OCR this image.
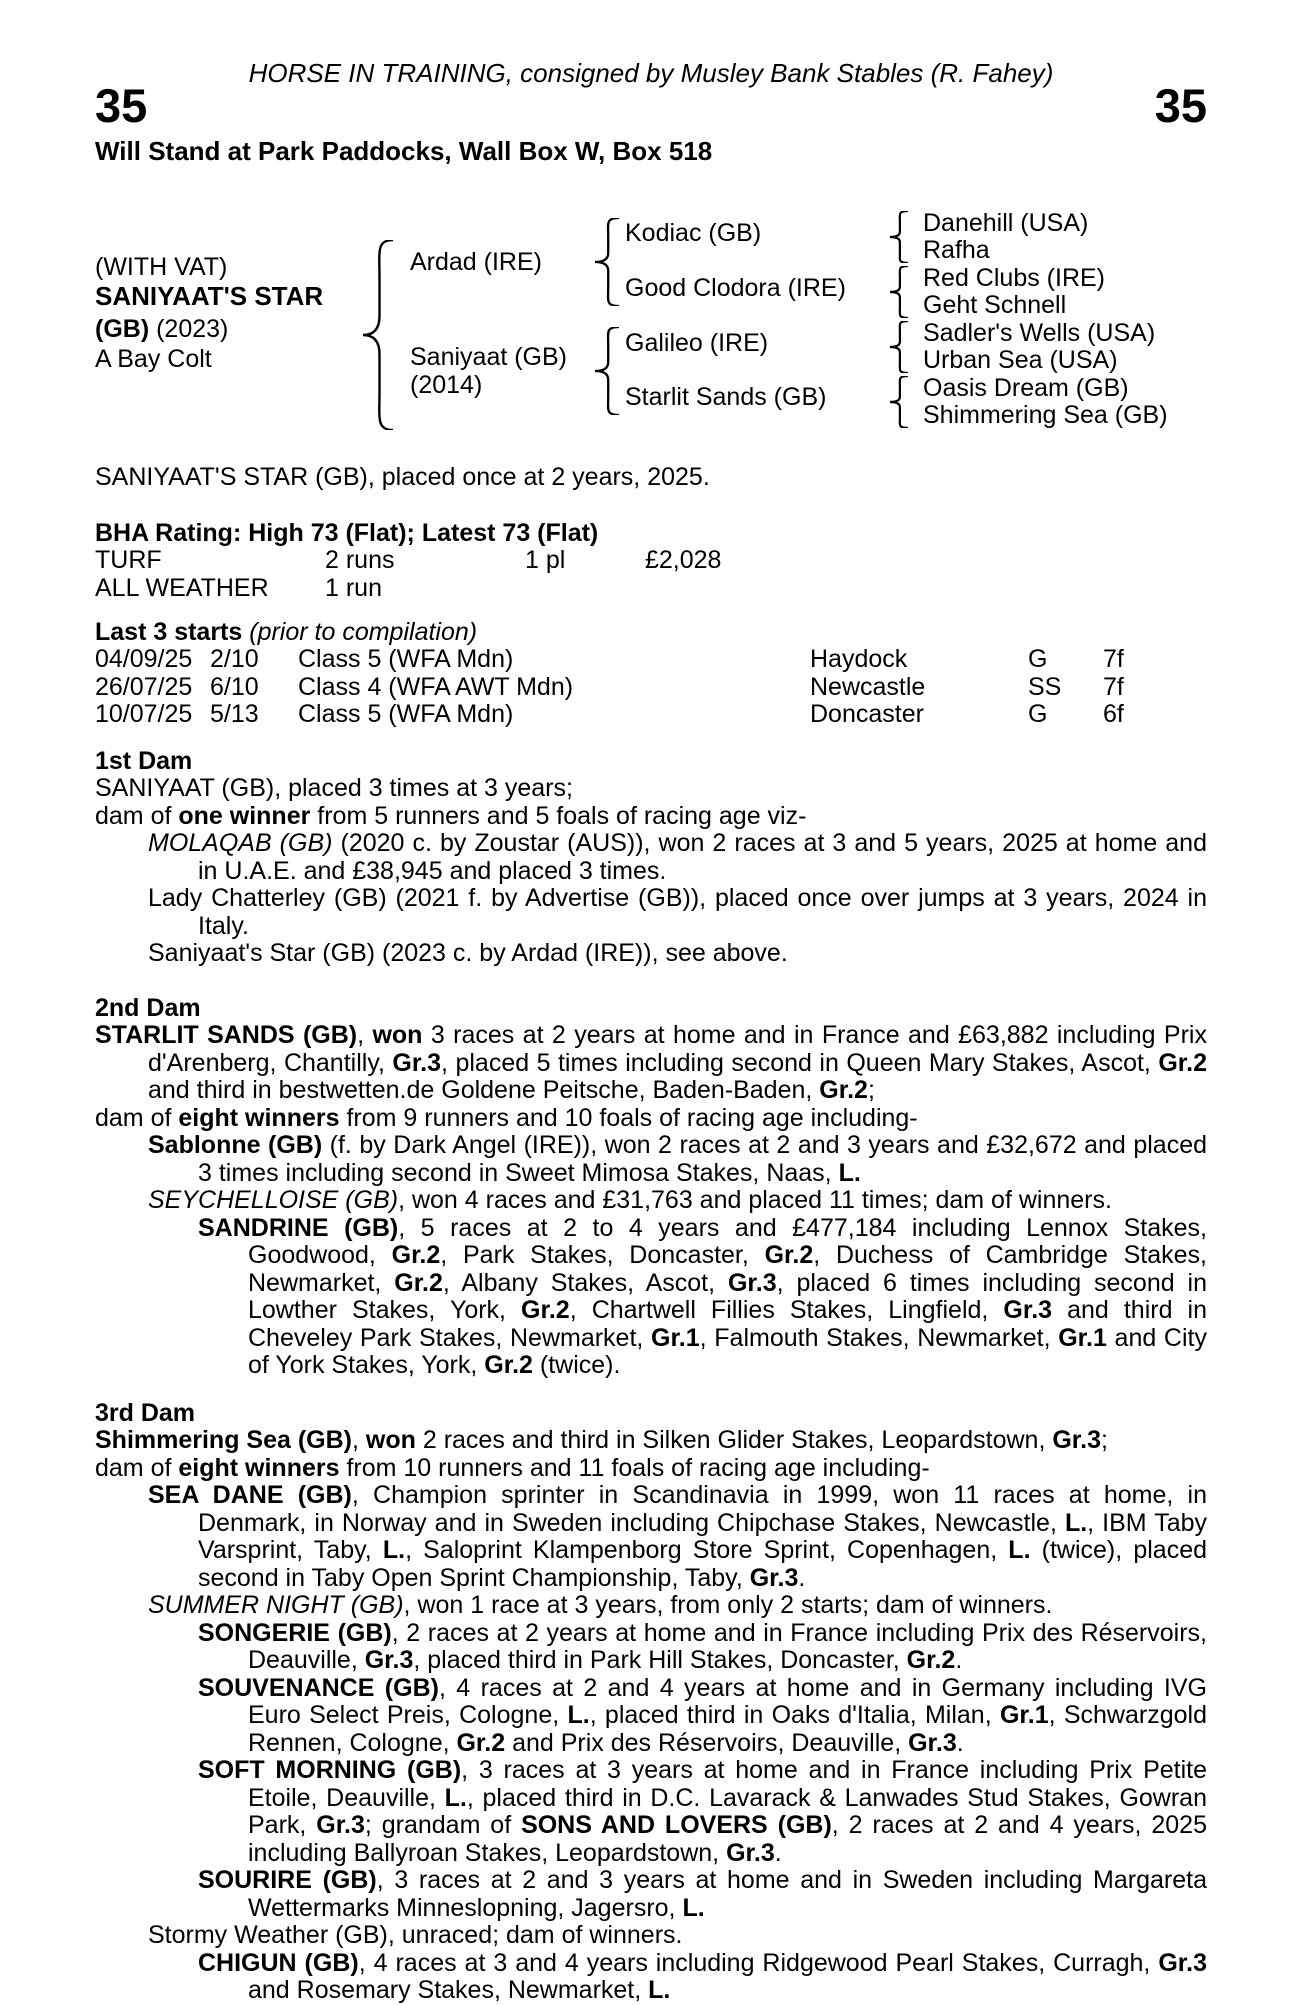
HORSE IN TRAINING, consigned by Musley Bank Stables (R. Fahey)
35	35
Will Stand at Park Paddocks, Wall Box W, Box 518
(WITH VAT)
SANIYAAT'S STAR
(GB) (2023)
A Bay Colt
Ardad (IRE)
Saniyaat (GB)
(2014)
Kodiac (GB)
Good Clodora (IRE)
Galileo (IRE)
Starlit Sands (GB)
Danehill (USA)
Rafha
Red Clubs (IRE)
Geht Schnell
Sadler's Wells (USA)
Urban Sea (USA)
Oasis Dream (GB)
Shimmering Sea (GB)
SANIYAAT'S STAR (GB), placed once at 2 years, 2025.
BHA Rating: High 73 (Flat); Latest 73 (Flat)
TURF	2 runs	1 pl	£2,028
ALL WEATHER 1 run
Last 3 starts (prior to compilation)
04/09/25 2/10 Class 5 (WFA Mdn)	Haydock	G 7f
26/07/25 6/10 Class 4 (WFA AWT Mdn)	Newcastle	SS 7f
10/07/25 5/13 Class 5 (WFA Mdn)	Doncaster	G 6f
1st Dam

SANIYAAT (GB), placed 3 times at 3 years;

dam of one winner from 5 runners and 5 foals of racing age viz-

MOLAQAB (GB) (2020 c. by Zoustar (AUS)), won 2 races at 3 and 5 years, 2025 at home and in U.A.E. and £38,945 and placed 3 times.

Lady Chatterley (GB) (2021 f. by Advertise (GB)), placed once over jumps at 3 years, 2024 in Italy.

Saniyaat's Star (GB) (2023 c. by Ardad (IRE)), see above.

2nd Dam

STARLIT SANDS (GB), won 3 races at 2 years at home and in France and £63,882 including Prix d'Arenberg, Chantilly, Gr.3, placed 5 times including second in Queen Mary Stakes, Ascot, Gr.2 and third in bestwetten.de Goldene Peitsche, Baden-Baden, Gr.2;

dam of eight winners from 9 runners and 10 foals of racing age including-

Sablonne (GB) (f. by Dark Angel (IRE)), won 2 races at 2 and 3 years and £32,672 and placed 3 times including second in Sweet Mimosa Stakes, Naas, L.

SEYCHELLOISE (GB), won 4 races and £31,763 and placed 11 times; dam of winners.

SANDRINE (GB), 5 races at 2 to 4 years and £477,184 including Lennox Stakes, Goodwood, Gr.2, Park Stakes, Doncaster, Gr.2, Duchess of Cambridge Stakes, Newmarket, Gr.2, Albany Stakes, Ascot, Gr.3, placed 6 times including second in Lowther Stakes, York, Gr.2, Chartwell Fillies Stakes, Lingfield, Gr.3 and third in Cheveley Park Stakes, Newmarket, Gr.1, Falmouth Stakes, Newmarket, Gr.1 and City of York Stakes, York, Gr.2 (twice).

3rd Dam

Shimmering Sea (GB), won 2 races and third in Silken Glider Stakes, Leopardstown, Gr.3;

dam of eight winners from 10 runners and 11 foals of racing age including-

SEA DANE (GB), Champion sprinter in Scandinavia in 1999, won 11 races at home, in Denmark, in Norway and in Sweden including Chipchase Stakes, Newcastle, L., IBM Taby Varsprint, Taby, L., Saloprint Klampenborg Store Sprint, Copenhagen, L. (twice), placed second in Taby Open Sprint Championship, Taby, Gr.3.

SUMMER NIGHT (GB), won 1 race at 3 years, from only 2 starts; dam of winners.

SONGERIE (GB), 2 races at 2 years at home and in France including Prix des Réservoirs, Deauville, Gr.3, placed third in Park Hill Stakes, Doncaster, Gr.2.

SOUVENANCE (GB), 4 races at 2 and 4 years at home and in Germany including IVG Euro Select Preis, Cologne, L., placed third in Oaks d'Italia, Milan, Gr.1, Schwarzgold Rennen, Cologne, Gr.2 and Prix des Réservoirs, Deauville, Gr.3.

SOFT MORNING (GB), 3 races at 3 years at home and in France including Prix Petite Etoile, Deauville, L., placed third in D.C. Lavarack & Lanwades Stud Stakes, Gowran Park, Gr.3; grandam of SONS AND LOVERS (GB), 2 races at 2 and 4 years, 2025 including Ballyroan Stakes, Leopardstown, Gr.3.

SOURIRE (GB), 3 races at 2 and 3 years at home and in Sweden including Margareta Wettermarks Minneslopning, Jagersro, L.

Stormy Weather (GB), unraced; dam of winners.

CHIGUN (GB), 4 races at 3 and 4 years including Ridgewood Pearl Stakes, Curragh, Gr.3 and Rosemary Stakes, Newmarket, L.
